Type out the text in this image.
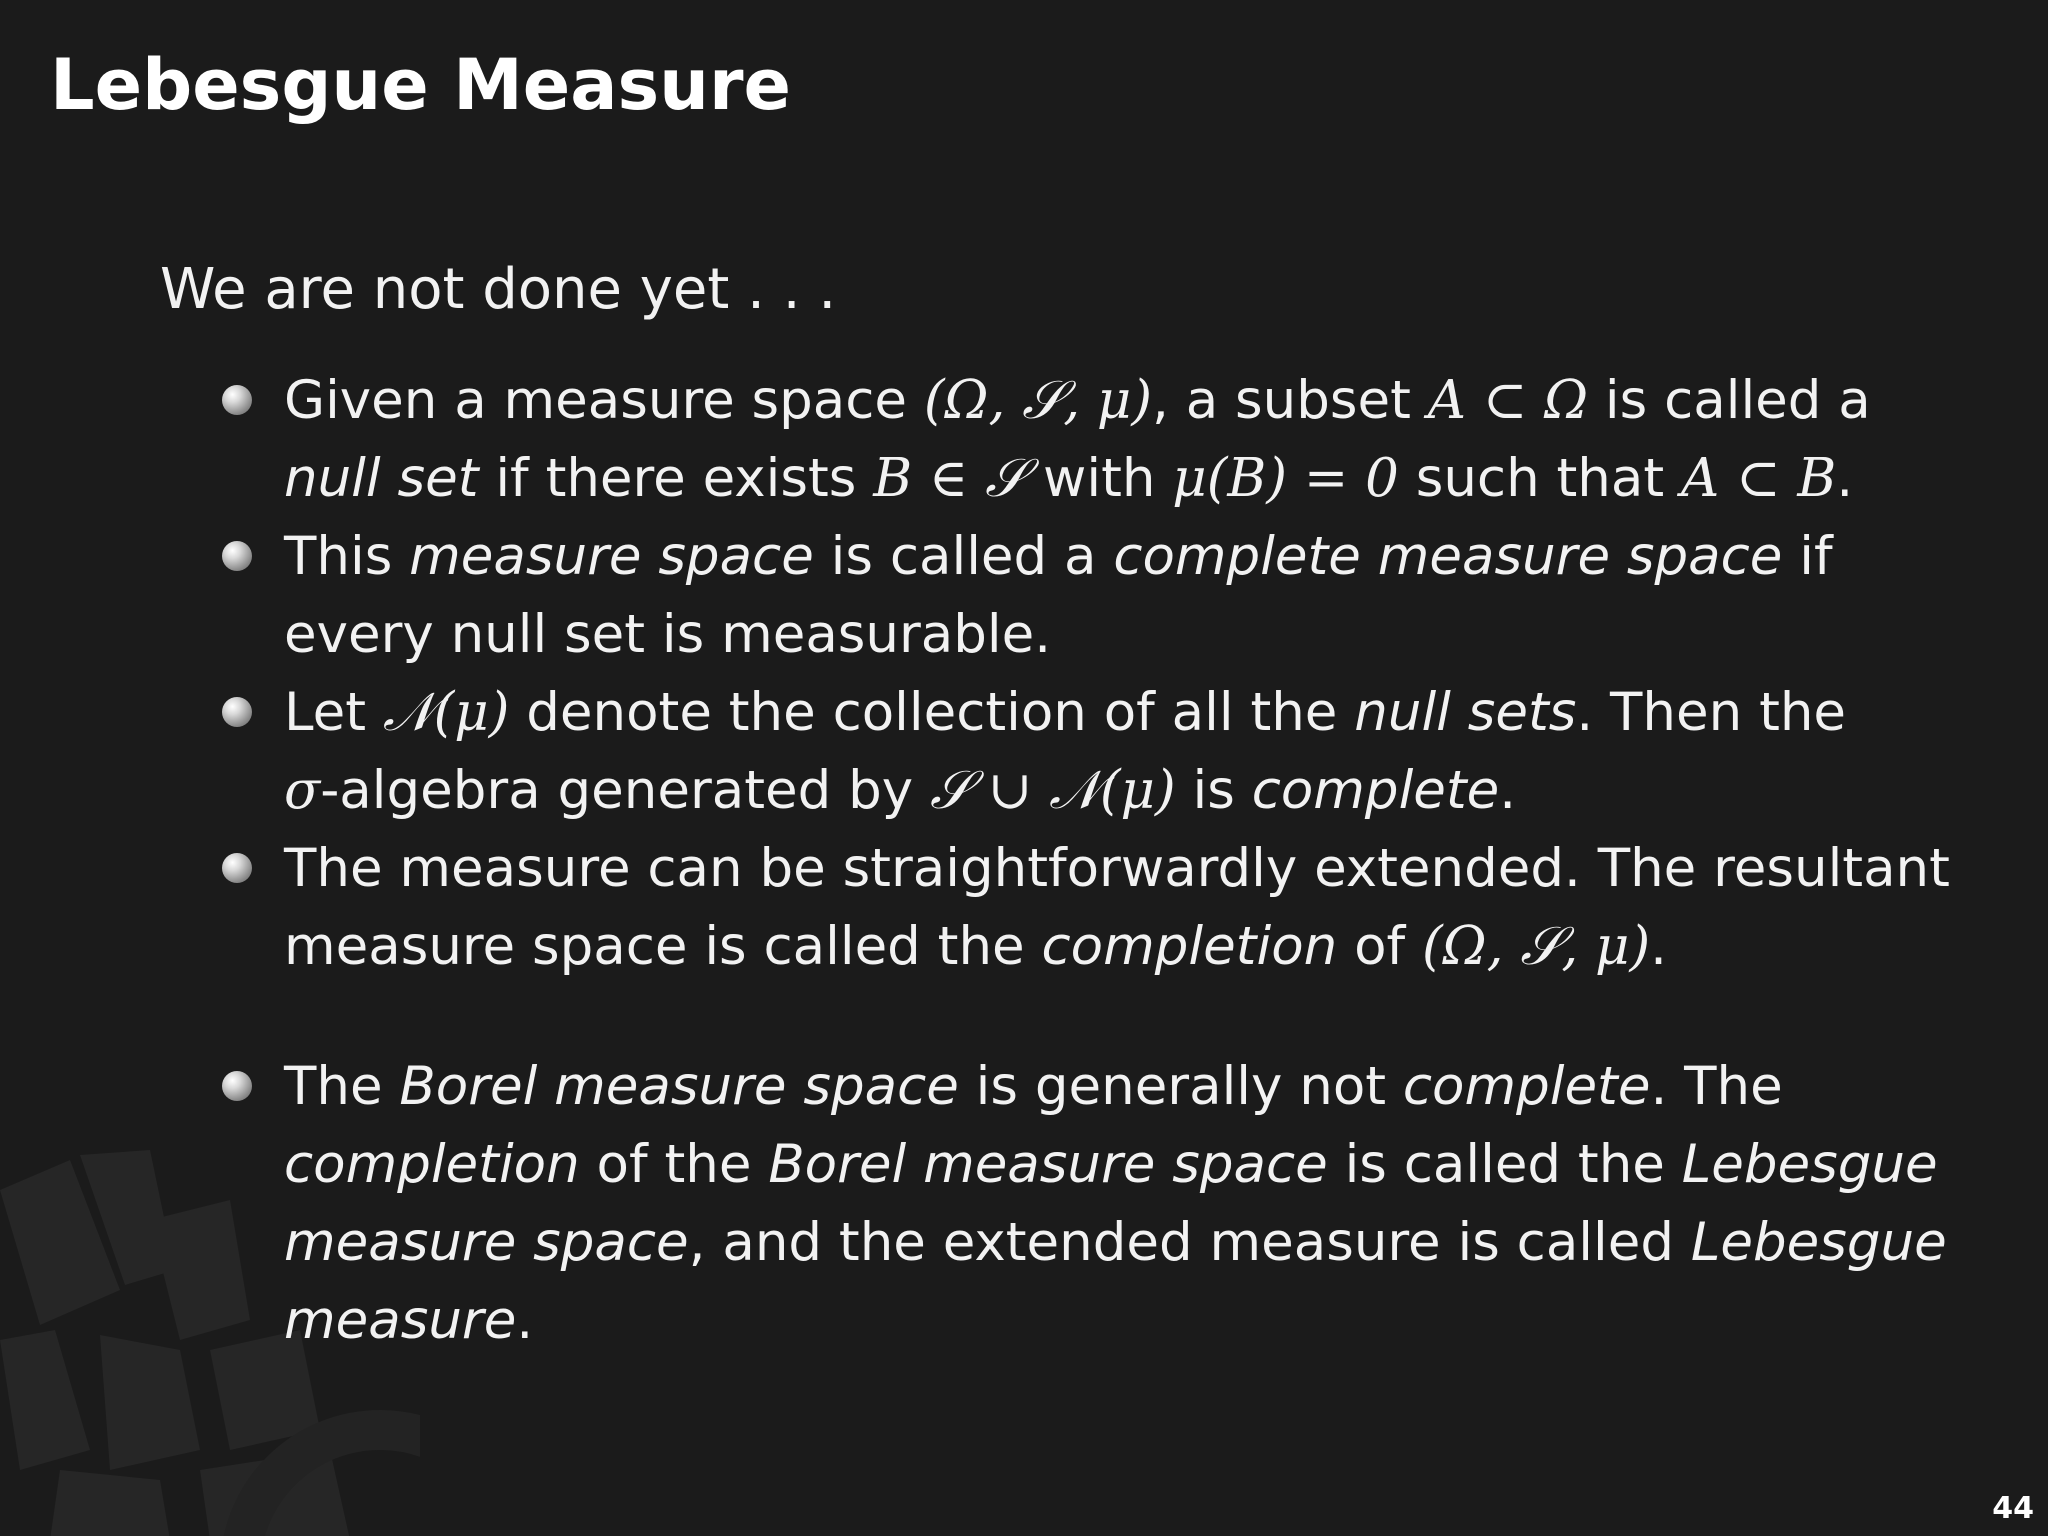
Lebesgue Measure

We are not done yet . . .

Given a measure space (Ω, 𝒮, μ), a subset A ⊂ Ω is called a
null set if there exists B ∈ 𝒮 with μ(B) = 0 such that A ⊂ B.
This measure space is called a complete measure space if
every null set is measurable.
Let 𝒩(μ) denote the collection of all the null sets. Then the
σ-algebra generated by 𝒮 ∪ 𝒩(μ) is complete.
The measure can be straightforwardly extended. The resultant
measure space is called the completion of (Ω, 𝒮, μ).
The Borel measure space is generally not complete. The
completion of the Borel measure space is called the Lebesgue
measure space, and the extended measure is called Lebesgue
measure.
44
